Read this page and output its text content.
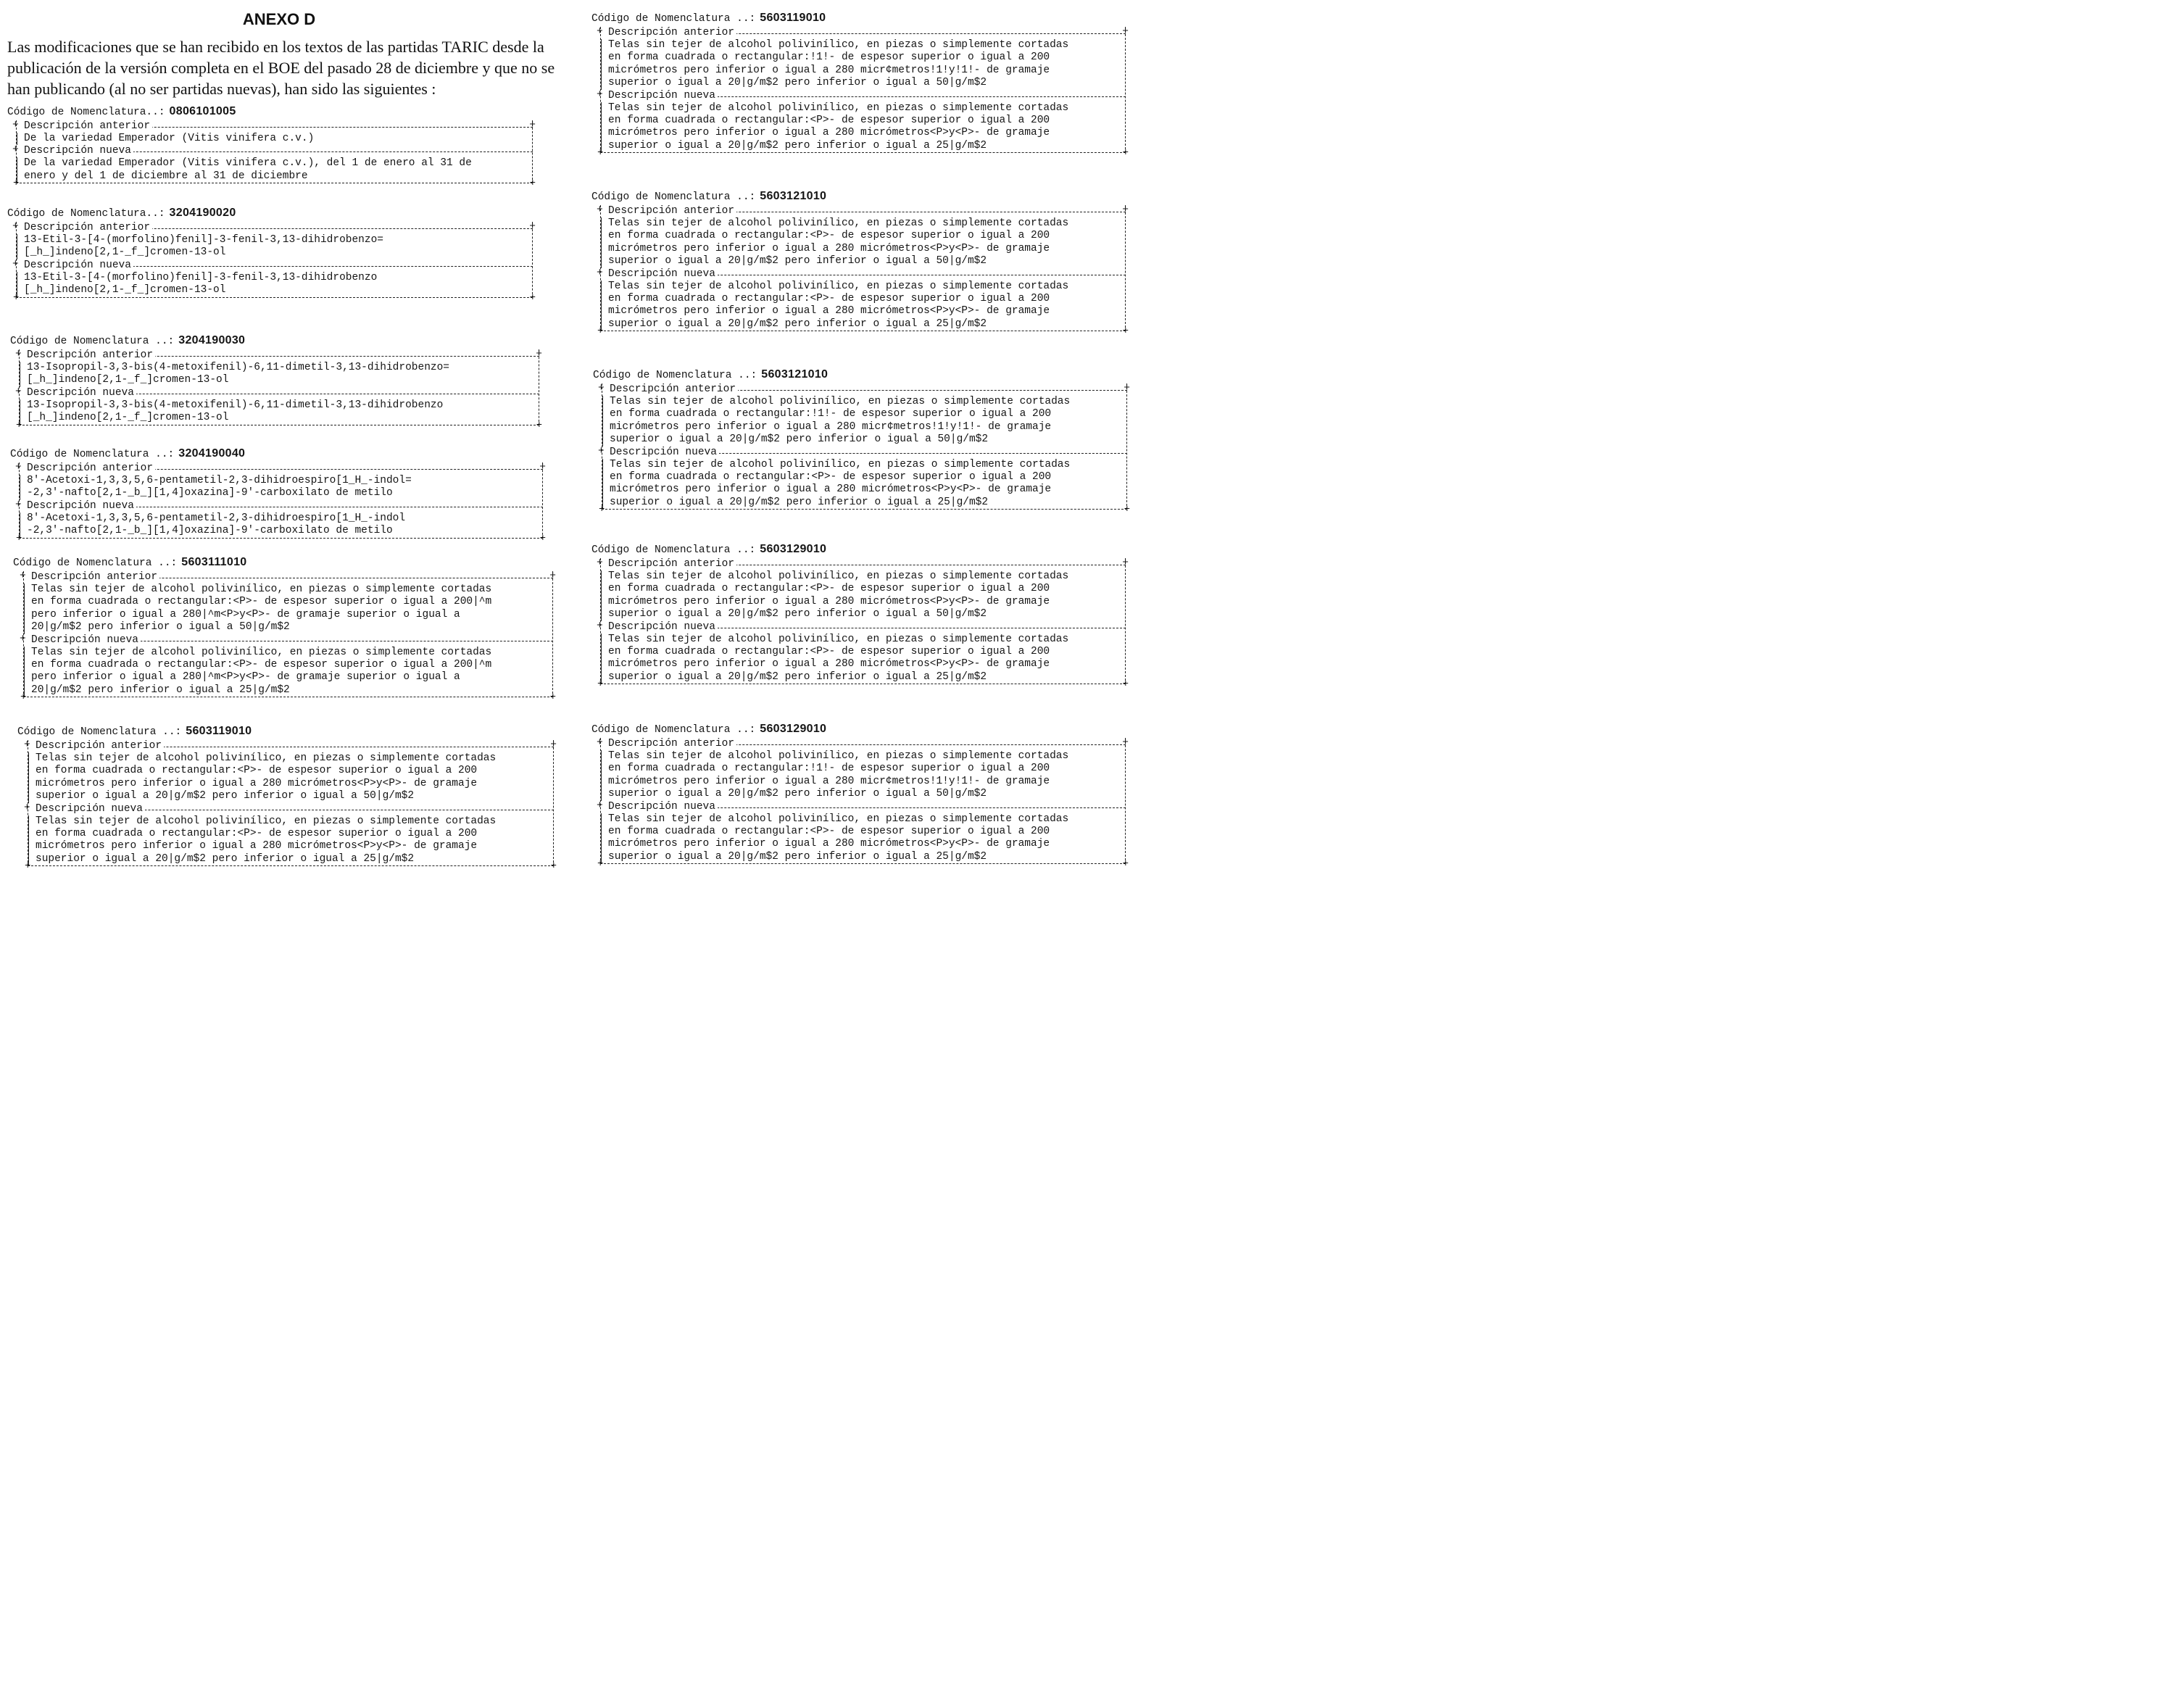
ANEXO D

Las modificaciones que se han recibido en los textos de las partidas TARIC desde la publicación de la versión completa en el BOE del pasado 28 de diciembre y que no se han publicando (al no ser partidas nuevas), han sido las siguientes :

Código de Nomenclatura..: 0806101005
+ Descripción anterior	+

De la variedad Emperador (Vitis vinifera c.v.)

+ Descripción nueva

De la variedad Emperador (Vitis vinifera c.v.), del 1 de enero al 31 de
enero y del 1 de diciembre al 31 de diciembre

+	+
Código de Nomenclatura..: 3204190020
+ Descripción anterior	+

13-Etil-3-[4-(morfolino)fenil]-3-fenil-3,13-dihidrobenzo=
[_h_]indeno[2,1-_f_]cromen-13-ol

+ Descripción nueva

13-Etil-3-[4-(morfolino)fenil]-3-fenil-3,13-dihidrobenzo
[_h_]indeno[2,1-_f_]cromen-13-ol

+	+
Código de Nomenclatura ..: 3204190030
+ Descripción anterior	+

13-Isopropil-3,3-bis(4-metoxifenil)-6,11-dimetil-3,13-dihidrobenzo=
[_h_]indeno[2,1-_f_]cromen-13-ol

+ Descripción nueva

13-Isopropil-3,3-bis(4-metoxifenil)-6,11-dimetil-3,13-dihidrobenzo
[_h_]indeno[2,1-_f_]cromen-13-ol

+	+
Código de Nomenclatura ..: 3204190040
+ Descripción anterior	+

8'-Acetoxi-1,3,3,5,6-pentametil-2,3-dihidroespiro[1_H_-indol=
-2,3'-nafto[2,1-_b_][1,4]oxazina]-9'-carboxilato de metilo

+ Descripción nueva

8'-Acetoxi-1,3,3,5,6-pentametil-2,3-dihidroespiro[1_H_-indol
-2,3'-nafto[2,1-_b_][1,4]oxazina]-9'-carboxilato de metilo

+	+
Código de Nomenclatura ..: 5603111010
+ Descripción anterior	+

Telas sin tejer de alcohol polivinílico, en piezas o simplemente cortadas
en forma cuadrada o rectangular:<P>- de espesor superior o igual a 200|^m
pero inferior o igual a 280|^m<P>y<P>- de gramaje superior o igual a
20|g/m$2 pero inferior o igual a 50|g/m$2

+ Descripción nueva

Telas sin tejer de alcohol polivinílico, en piezas o simplemente cortadas
en forma cuadrada o rectangular:<P>- de espesor superior o igual a 200|^m
pero inferior o igual a 280|^m<P>y<P>- de gramaje superior o igual a
20|g/m$2 pero inferior o igual a 25|g/m$2

+	+
Código de Nomenclatura ..: 5603119010
+ Descripción anterior	+

Telas sin tejer de alcohol polivinílico, en piezas o simplemente cortadas
en forma cuadrada o rectangular:<P>- de espesor superior o igual a 200
micrómetros pero inferior o igual a 280 micrómetros<P>y<P>- de gramaje
superior o igual a 20|g/m$2 pero inferior o igual a 50|g/m$2

+ Descripción nueva

Telas sin tejer de alcohol polivinílico, en piezas o simplemente cortadas
en forma cuadrada o rectangular:<P>- de espesor superior o igual a 200
micrómetros pero inferior o igual a 280 micrómetros<P>y<P>- de gramaje
superior o igual a 20|g/m$2 pero inferior o igual a 25|g/m$2

+	+
Código de Nomenclatura ..: 5603119010
+ Descripción anterior	+

Telas sin tejer de alcohol polivinílico, en piezas o simplemente cortadas
en forma cuadrada o rectangular:!1!- de espesor superior o igual a 200
micrómetros pero inferior o igual a 280 micr¢metros!1!y!1!- de gramaje
superior o igual a 20|g/m$2 pero inferior o igual a 50|g/m$2

+ Descripción nueva

Telas sin tejer de alcohol polivinílico, en piezas o simplemente cortadas
en forma cuadrada o rectangular:<P>- de espesor superior o igual a 200
micrómetros pero inferior o igual a 280 micrómetros<P>y<P>- de gramaje
superior o igual a 20|g/m$2 pero inferior o igual a 25|g/m$2

+	+
Código de Nomenclatura ..: 5603121010
+ Descripción anterior	+

Telas sin tejer de alcohol polivinílico, en piezas o simplemente cortadas
en forma cuadrada o rectangular:<P>- de espesor superior o igual a 200
micrómetros pero inferior o igual a 280 micrómetros<P>y<P>- de gramaje
superior o igual a 20|g/m$2 pero inferior o igual a 50|g/m$2

+ Descripción nueva

Telas sin tejer de alcohol polivinílico, en piezas o simplemente cortadas
en forma cuadrada o rectangular:<P>- de espesor superior o igual a 200
micrómetros pero inferior o igual a 280 micrómetros<P>y<P>- de gramaje
superior o igual a 20|g/m$2 pero inferior o igual a 25|g/m$2

+	+
Código de Nomenclatura ..: 5603121010
+ Descripción anterior	+

Telas sin tejer de alcohol polivinílico, en piezas o simplemente cortadas
en forma cuadrada o rectangular:!1!- de espesor superior o igual a 200
micrómetros pero inferior o igual a 280 micr¢metros!1!y!1!- de gramaje
superior o igual a 20|g/m$2 pero inferior o igual a 50|g/m$2

+ Descripción nueva

Telas sin tejer de alcohol polivinílico, en piezas o simplemente cortadas
en forma cuadrada o rectangular:<P>- de espesor superior o igual a 200
micrómetros pero inferior o igual a 280 micrómetros<P>y<P>- de gramaje
superior o igual a 20|g/m$2 pero inferior o igual a 25|g/m$2

+	+
Código de Nomenclatura ..: 5603129010
+ Descripción anterior	+

Telas sin tejer de alcohol polivinílico, en piezas o simplemente cortadas
en forma cuadrada o rectangular:<P>- de espesor superior o igual a 200
micrómetros pero inferior o igual a 280 micrómetros<P>y<P>- de gramaje
superior o igual a 20|g/m$2 pero inferior o igual a 50|g/m$2

+ Descripción nueva

Telas sin tejer de alcohol polivinílico, en piezas o simplemente cortadas
en forma cuadrada o rectangular:<P>- de espesor superior o igual a 200
micrómetros pero inferior o igual a 280 micrómetros<P>y<P>- de gramaje
superior o igual a 20|g/m$2 pero inferior o igual a 25|g/m$2

+	+
Código de Nomenclatura ..: 5603129010
+ Descripción anterior	+

Telas sin tejer de alcohol polivinílico, en piezas o simplemente cortadas
en forma cuadrada o rectangular:!1!- de espesor superior o igual a 200
micrómetros pero inferior o igual a 280 micr¢metros!1!y!1!- de gramaje
superior o igual a 20|g/m$2 pero inferior o igual a 50|g/m$2

+ Descripción nueva

Telas sin tejer de alcohol polivinílico, en piezas o simplemente cortadas
en forma cuadrada o rectangular:<P>- de espesor superior o igual a 200
micrómetros pero inferior o igual a 280 micrómetros<P>y<P>- de gramaje
superior o igual a 20|g/m$2 pero inferior o igual a 25|g/m$2

+	+
